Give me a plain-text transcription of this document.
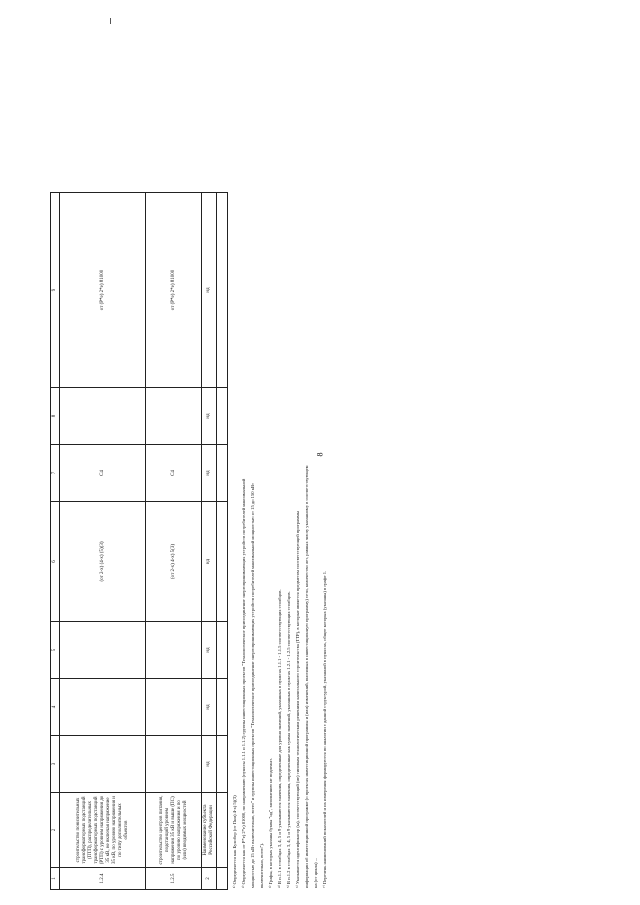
8
1	2	3	4	5	6	7	8	9
1.2.4	строительство понизительных трансформаторных подстанций (ПТП), распределительных трансформаторных подстанций (РТП) с уровнем напряжения до 35 кВ, не включая напряжение 35 кВ, по уровню напряжения и по типу дополнительных объектов				(от 2-х) (4-х) (5)(3)	С4		от (Р*e) 2*e) 81000
1.2.5	строительство центров питания, подстанций уровнем напряжения 35 кВ и выше (ПС) по уровню напряжения и по (или) вводимых мощностей				(от 2-х) 4-х) 5(3)	С4		от (Р*e) 2*e) 81000
2	Наименование субъекта Российской Федерации	нд	нд	нд	нд	нд	нд	нд

¹⁾ Определяется как Бухобор (от Пни) 4-х) 5)(3) ²⁾ Определяется как от Р*e) 2*e) 81000, по направлению (пункты 1.1.1 и 1.1.2) группы инвестиционных проектов "Технологическое присоединение энергопринимающих устройств потребителей максимальной мощностью до 15 кВт включительно, всего" и группы инвестиционных проектов "Технологическое присоединение энергопринимающих устройств потребителей максимальной мощностью от 15 до 150 кВт включительно, всего"). ³⁾ Графы, в которых указаны буквы "нд", заполнению не подлежат. ⁴⁾ В п.1.1 в столбцах 3, 4, 5 и 9 указываются значения, определенные для уровня значений, указанных в пунктах 1.1.1 - 1.1.5 соответствующих столбцов. ⁵⁾ В п.1.2 в столбцах 3, 4, 5 и 9 указываются значения, определенные как сумма значений, указанных в пунктах 1.2.1 - 1.2.5 соответствующих столбцов. ⁶⁾ Указывается идентификатор (ы), соответствующий (ие) типовым технологическим решениям капитального строительства (ТТР), в которые является предметом соответствующей программы информации об инвестиционной программе (о проектах инвестиционной программы и (или) изменений, вносимых в инвестиционную программу) сети, количество лет, равных числу указанному в соответствующем на (от цикла) ... ⁷⁾ Перечень наименований показателей и их измерения формируются по аналогии с данной структурой, указанной в пунктах, общее которых (указаны) в графе 1.
